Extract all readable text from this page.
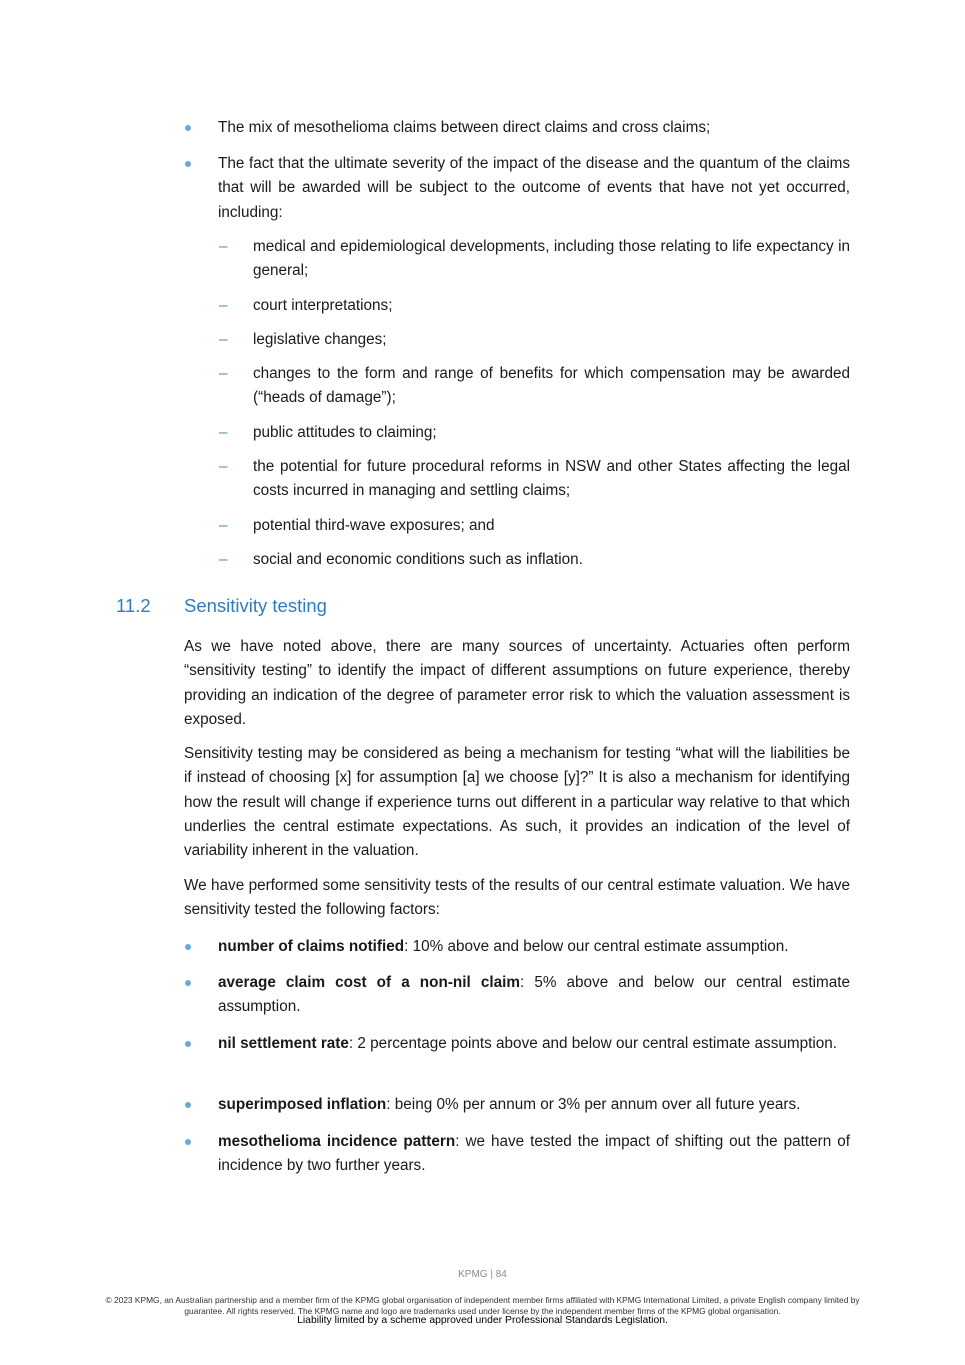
The mix of mesothelioma claims between direct claims and cross claims;
The fact that the ultimate severity of the impact of the disease and the quantum of the claims that will be awarded will be subject to the outcome of events that have not yet occurred, including:
– medical and epidemiological developments, including those relating to life expectancy in general;
– court interpretations;
– legislative changes;
– changes to the form and range of benefits for which compensation may be awarded (“heads of damage”);
– public attitudes to claiming;
– the potential for future procedural reforms in NSW and other States affecting the legal costs incurred in managing and settling claims;
– potential third-wave exposures; and
– social and economic conditions such as inflation.
11.2 Sensitivity testing
As we have noted above, there are many sources of uncertainty. Actuaries often perform “sensitivity testing” to identify the impact of different assumptions on future experience, thereby providing an indication of the degree of parameter error risk to which the valuation assessment is exposed.
Sensitivity testing may be considered as being a mechanism for testing “what will the liabilities be if instead of choosing [x] for assumption [a] we choose [y]?” It is also a mechanism for identifying how the result will change if experience turns out different in a particular way relative to that which underlies the central estimate expectations. As such, it provides an indication of the level of variability inherent in the valuation.
We have performed some sensitivity tests of the results of our central estimate valuation. We have sensitivity tested the following factors:
number of claims notified: 10% above and below our central estimate assumption.
average claim cost of a non-nil claim: 5% above and below our central estimate assumption.
nil settlement rate: 2 percentage points above and below our central estimate assumption.
superimposed inflation: being 0% per annum or 3% per annum over all future years.
mesothelioma incidence pattern: we have tested the impact of shifting out the pattern of incidence by two further years.
KPMG | 84
© 2023 KPMG, an Australian partnership and a member firm of the KPMG global organisation of independent member firms affiliated with KPMG International Limited, a private English company limited by guarantee. All rights reserved. The KPMG name and logo are trademarks used under license by the independent member firms of the KPMG global organisation.
Liability limited by a scheme approved under Professional Standards Legislation.
